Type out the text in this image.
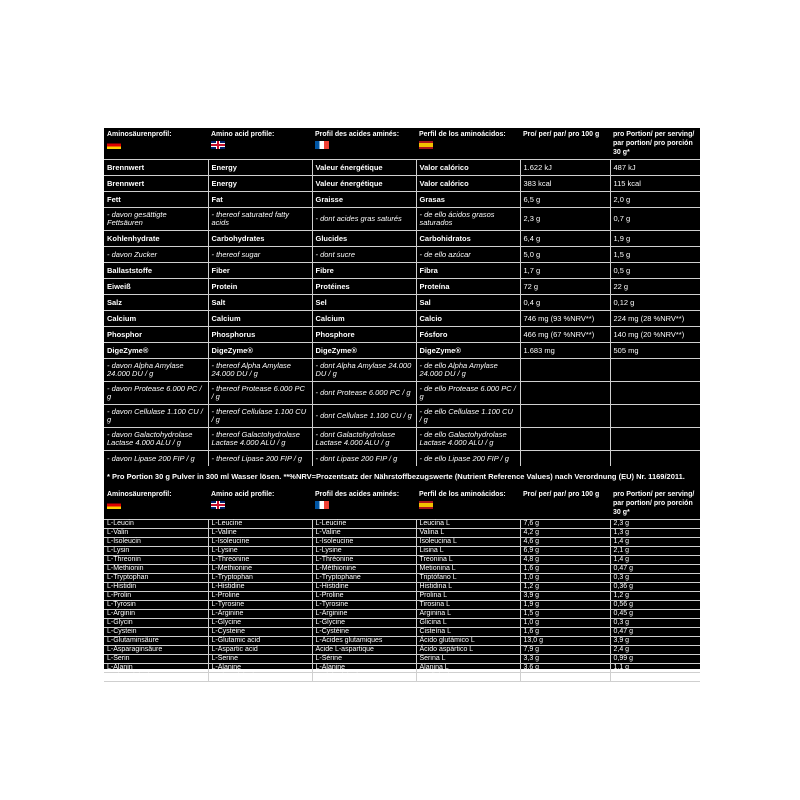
Aminosäurenprofil:	Amino acid profile:	Profil des acides aminés:	Perfil de los aminoácidos:	Pro/ per/ par/ pro 100 g	pro Portion/ per serving/ par portion/ pro porción 30 g*
Brennwert	Energy	Valeur énergétique	Valor calórico	1.622 kJ	487 kJ
Brennwert	Energy	Valeur énergétique	Valor calórico	383 kcal	115 kcal
Fett	Fat	Graisse	Grasas	6,5 g	2,0 g
- davon gesättigte Fettsäuren	- thereof saturated fatty acids	- dont acides gras saturés	- de ello ácidos grasos saturados	2,3 g	0,7 g
Kohlenhydrate	Carbohydrates	Glucides	Carbohidratos	6,4 g	1,9 g
- davon Zucker	- thereof sugar	- dont sucre	- de ello azúcar	5,0 g	1,5 g
Ballaststoffe	Fiber	Fibre	Fibra	1,7 g	0,5 g
Eiweiß	Protein	Protéines	Proteína	72 g	22 g
Salz	Salt	Sel	Sal	0,4 g	0,12 g
Calcium	Calcium	Calcium	Calcio	746 mg (93 %NRV**)	224 mg (28 %NRV**)
Phosphor	Phosphorus	Phosphore	Fósforo	466 mg (67 %NRV**)	140 mg (20 %NRV**)
DigeZyme®	DigeZyme®	DigeZyme®	DigeZyme®	1.683 mg	505 mg
- davon Alpha Amylase 24.000 DU / g	- thereof Alpha Amylase 24.000 DU / g	- dont Alpha Amylase 24.000 DU / g	- de ello Alpha Amylase 24.000 DU / g		
- davon Protease 6.000 PC / g	- thereof Protease 6.000 PC / g	- dont Protease 6.000 PC / g	- de ello Protease 6.000 PC / g		
- davon Cellulase 1.100 CU / g	- thereof Cellulase 1.100 CU / g	- dont Cellulase 1.100 CU / g	- de ello Cellulase 1.100 CU / g		
- davon Galactohydrolase Lactase 4.000 ALU / g	- thereof Galactohydrolase Lactase 4.000 ALU / g	- dont Galactohydrolase Lactase 4.000 ALU / g	- de ello Galactohydrolase Lactase 4.000 ALU / g		
- davon Lipase 200 FIP / g	- thereof Lipase 200 FIP / g	- dont Lipase 200 FIP / g	- de ello Lipase 200 FIP / g		
* Pro Portion 30 g Pulver in 300 ml Wasser lösen. **%NRV=Prozentsatz der Nährstoffbezugswerte (Nutrient Reference Values) nach Verordnung (EU) Nr. 1169/2011.
Aminosäurenprofil:	Amino acid profile:	Profil des acides aminés:	Perfil de los aminoácidos:	Pro/ per/ par/ pro 100 g	pro Portion/ per serving/ par portion/ pro porción 30 g*
L-Leucin	L-Leucine	L-Leucine	Leucina L	7,6 g	2,3 g
L-Valin	L-Valine	L-Valine	Valina L	4,2 g	1,3 g
L-Isoleucin	L-Isoleucine	L-Isoleucine	Isoleucina L	4,6 g	1,4 g
L-Lysin	L-Lysine	L-Lysine	Lisina L	6,9 g	2,1 g
L-Threonin	L-Threonine	L-Thréonine	Treonina L	4,8 g	1,4 g
L-Methionin	L-Methionine	L-Méthionine	Metionina L	1,6 g	0,47 g
L-Tryptophan	L-Tryptophan	L-Tryptophane	Triptófano L	1,0 g	0,3 g
L-Histidin	L-Histidine	L-Histidine	Histidina L	1,2 g	0,36 g
L-Prolin	L-Proline	L-Proline	Prolina L	3,9 g	1,2 g
L-Tyrosin	L-Tyrosine	L-Tyrosine	Tirosina L	1,9 g	0,56 g
L-Arginin	L-Arginine	L-Arginine	Arginina L	1,5 g	0,45 g
L-Glycin	L-Glycine	L-Glycine	Glicina L	1,0 g	0,3 g
L-Cystein	L-Cysteine	L-Cystéine	Cisteína L	1,6 g	0,47 g
L-Glutaminsäure	L-Glutamic acid	L-Acides glutamiques	Ácido glutámico L	13,0 g	3,9 g
L-Asparaginsäure	L-Aspartic acid	Acide L-aspartique	Ácido aspártico L	7,9 g	2,4 g
L-Serin	L-Serine	L-Sérine	Serina L	3,3 g	0,99 g
L-Alanin	L-Alanine	L-Alanine	Alanina L	3,6 g	1,1 g
L-Phenylalanin	L-Phenylalanine	L-Phénylalanine	Fenilalanina L	2,1 g	0,64 g
